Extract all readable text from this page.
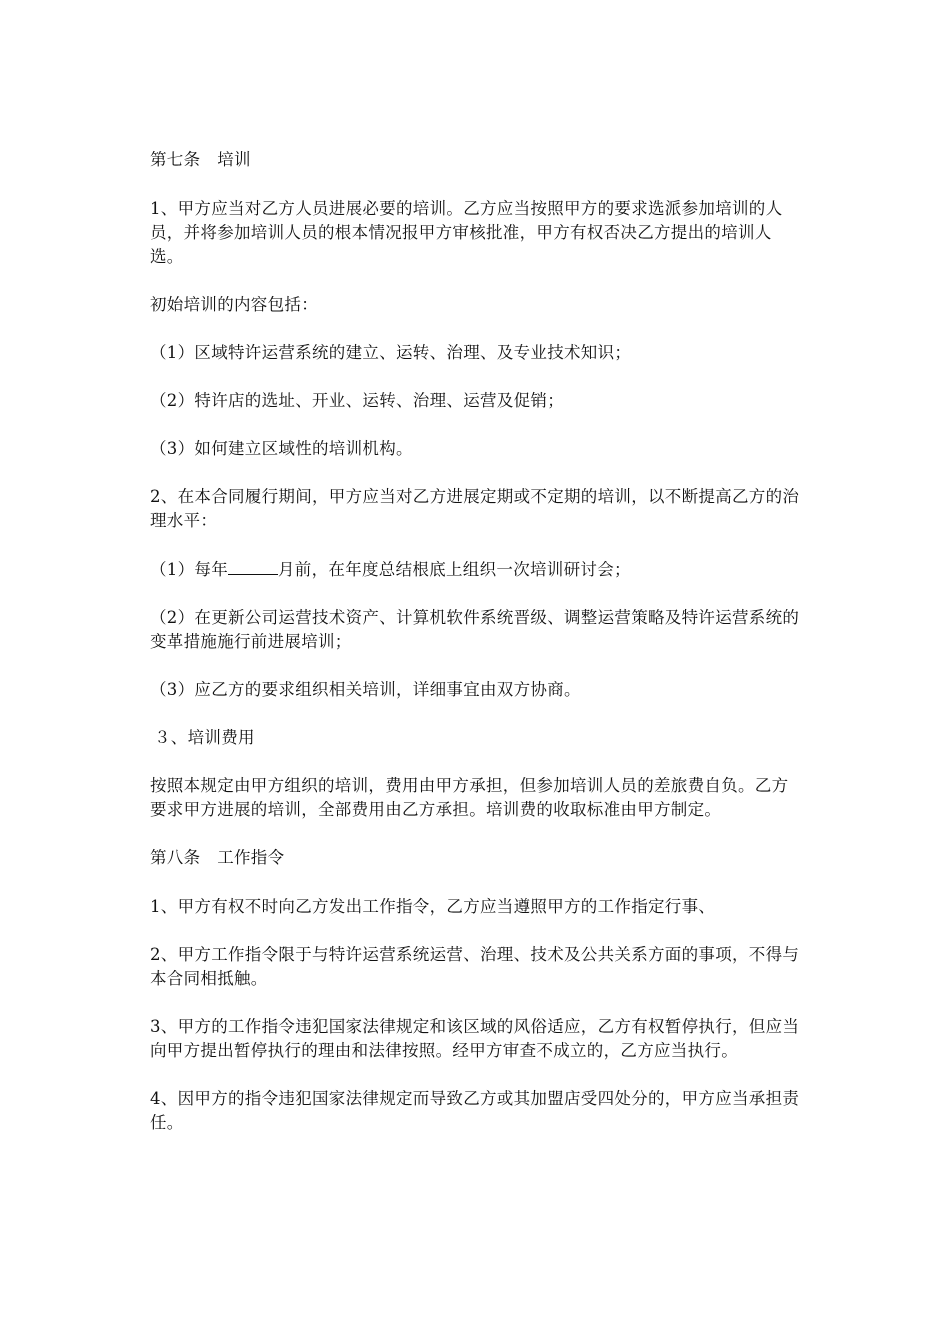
第七条　培训

1、甲方应当对乙方人员进展必要的培训。乙方应当按照甲方的要求选派参加培训的人员，并将参加培训人员的根本情况报甲方审核批准，甲方有权否决乙方提出的培训人选。

初始培训的内容包括：

（1）区域特许运营系统的建立、运转、治理、及专业技术知识；

（2）特许店的选址、开业、运转、治理、运营及促销；

（3）如何建立区域性的培训机构。

2、在本合同履行期间，甲方应当对乙方进展定期或不定期的培训，以不断提高乙方的治理水平：

（1）每年	月前，在年度总结根底上组织一次培训研讨会；

（2）在更新公司运营技术资产、计算机软件系统晋级、调整运营策略及特许运营系统的变革措施施行前进展培训；

（3）应乙方的要求组织相关培训，详细事宜由双方协商。

３、培训费用

按照本规定由甲方组织的培训，费用由甲方承担，但参加培训人员的差旅费自负。乙方要求甲方进展的培训，全部费用由乙方承担。培训费的收取标准由甲方制定。

第八条　工作指令

1、甲方有权不时向乙方发出工作指令，乙方应当遵照甲方的工作指定行事、

2、甲方工作指令限于与特许运营系统运营、治理、技术及公共关系方面的事项，不得与本合同相抵触。

3、甲方的工作指令违犯国家法律规定和该区域的风俗适应，乙方有权暂停执行，但应当向甲方提出暂停执行的理由和法律按照。经甲方审查不成立的，乙方应当执行。

4、因甲方的指令违犯国家法律规定而导致乙方或其加盟店受四处分的，甲方应当承担责任。
